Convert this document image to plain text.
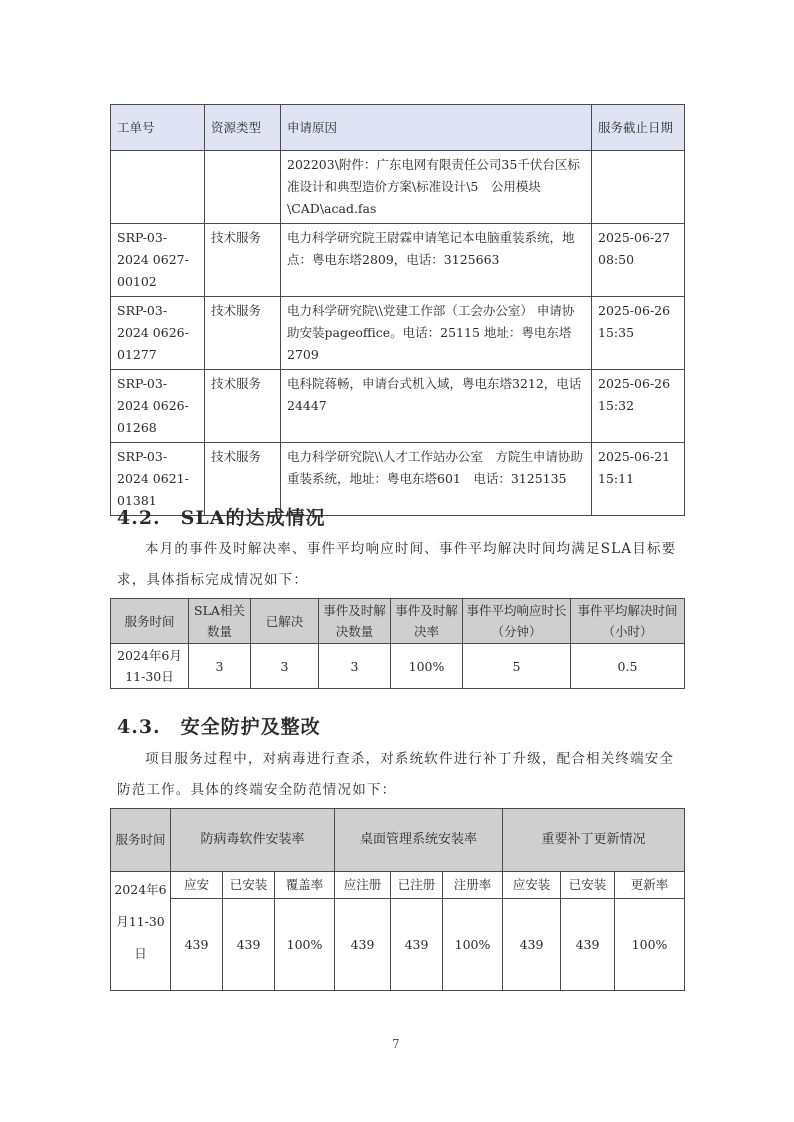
工单号	资源类型	申请原因	服务截止日期
		202203\附件：广东电网有限责任公司35千伏台区标准设计和典型造价方案\标准设计\5　公用模块\CAD\acad.fas	
SRP-03-2024 0627-00102	技术服务	电力科学研究院王尉霖申请笔记本电脑重装系统，地点：粤电东塔2809，电话：3125663	2025-06-27 08:50
SRP-03-2024 0626-01277	技术服务	电力科学研究院\\党建工作部（工会办公室） 申请协助安装pageoffice。电话：25115 地址：粤电东塔2709	2025-06-26 15:35
SRP-03-2024 0626-01268	技术服务	电科院蒋畅，申请台式机入域，粤电东塔3212，电话24447	2025-06-26 15:32
SRP-03-2024 0621-01381	技术服务	电力科学研究院\\人才工作站办公室　方院生申请协助重装系统，地址：粤电东塔601　电话：3125135	2025-06-21 15:11
4.2.　SLA的达成情况

本月的事件及时解决率、事件平均响应时间、事件平均解决时间均满足SLA目标要求，具体指标完成情况如下：

服务时间	SLA相关数量	已解决	事件及时解决数量	事件及时解决率	事件平均响应时长（分钟）	事件平均解决时间（小时）
2024年6月11-30日	3	3	3	100%	5	0.5
4.3.　安全防护及整改

项目服务过程中，对病毒进行查杀，对系统软件进行补丁升级，配合相关终端安全防范工作。具体的终端安全防范情况如下：

服务时间	防病毒软件安装率			桌面管理系统安装率			重要补丁更新情况		
2024年6月11-30日	应安	已安装	覆盖率	应注册	已注册	注册率	应安装	已安装	更新率
	439	439	100%	439	439	100%	439	439	100%
7
